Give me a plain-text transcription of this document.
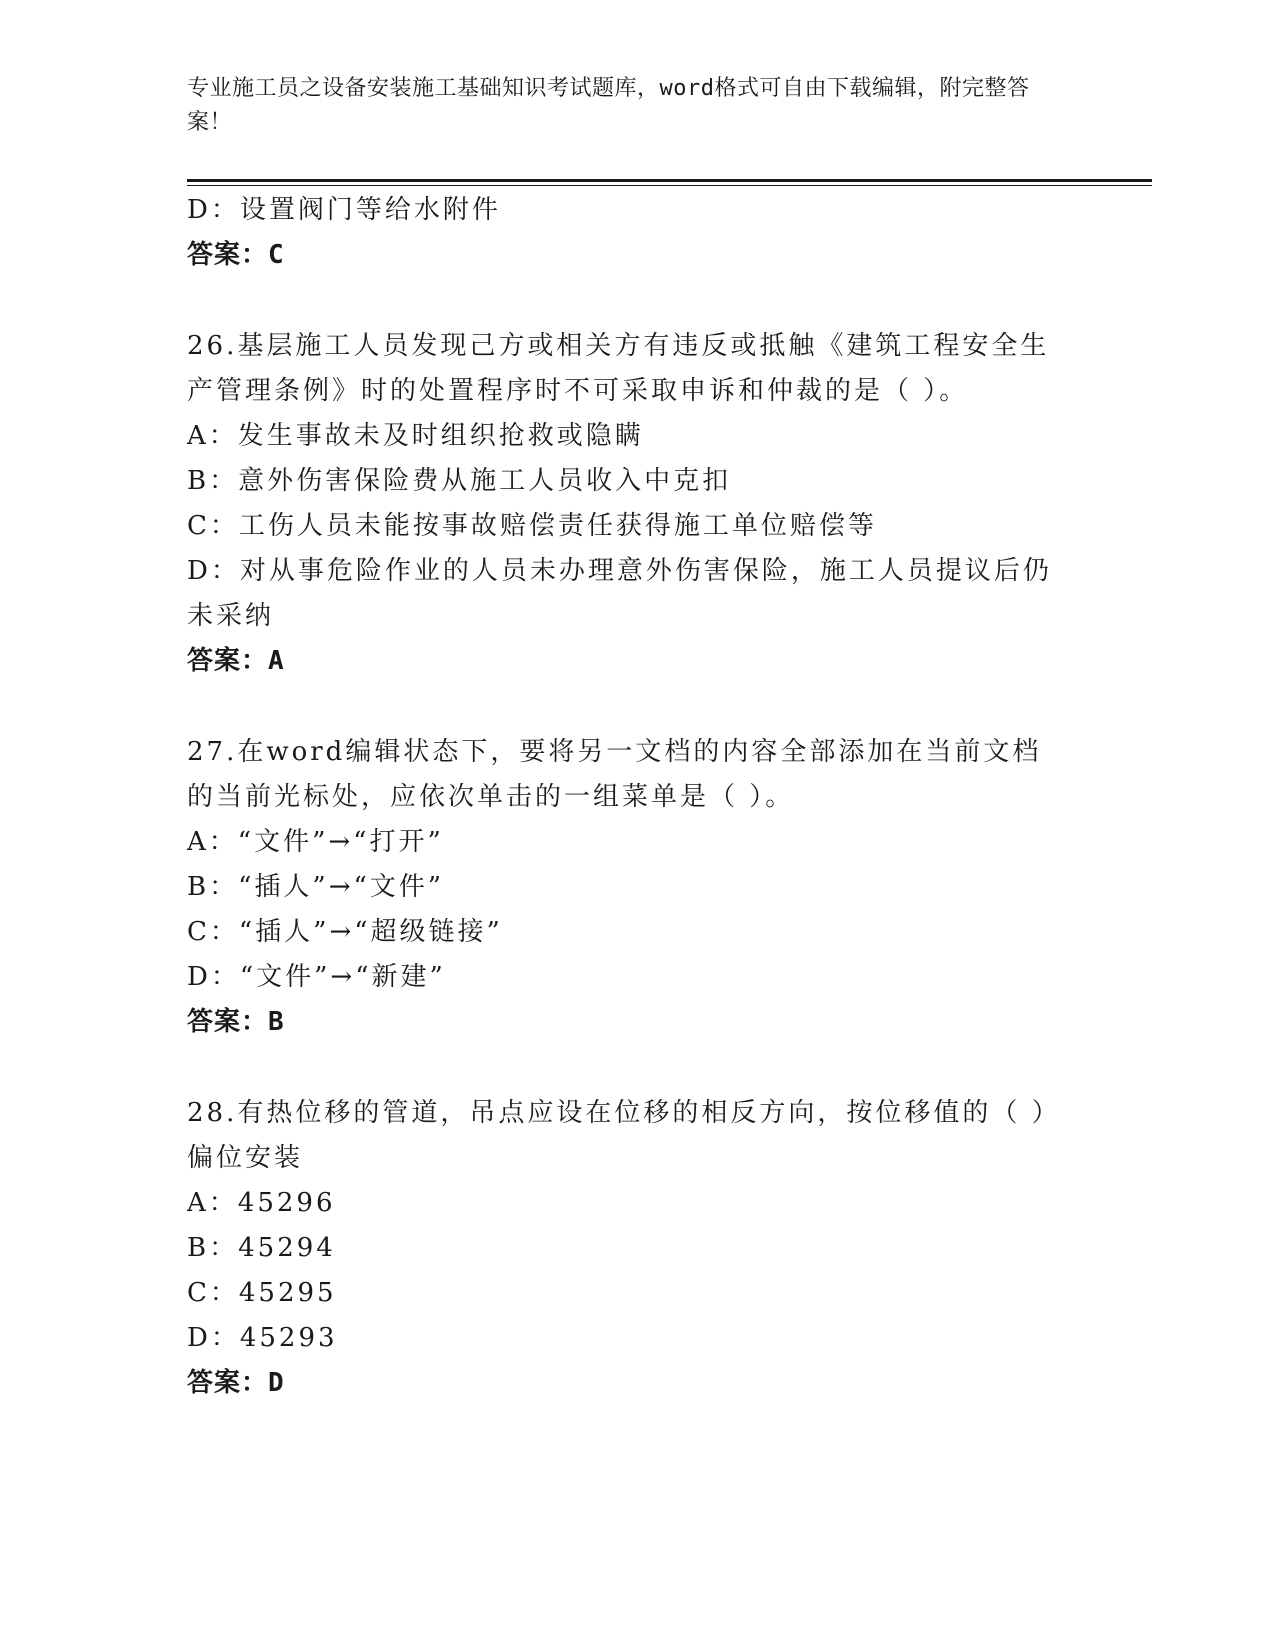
专业施工员之设备安装施工基础知识考试题库，word格式可自由下载编辑，附完整答案！
D：设置阀门等给水附件
答案：C
26.基层施工人员发现己方或相关方有违反或抵触《建筑工程安全生产管理条例》时的处置程序时不可采取申诉和仲裁的是（ ）。
A：发生事故未及时组织抢救或隐瞒
B：意外伤害保险费从施工人员收入中克扣
C：工伤人员未能按事故赔偿责任获得施工单位赔偿等
D：对从事危险作业的人员未办理意外伤害保险，施工人员提议后仍未采纳
答案：A
27.在word编辑状态下，要将另一文档的内容全部添加在当前文档的当前光标处，应依次单击的一组菜单是（ ）。
A：“文件”→“打开”
B：“插人”→“文件”
C：“插人”→“超级链接”
D：“文件”→“新建”
答案：B
28.有热位移的管道，吊点应设在位移的相反方向，按位移值的（ ）偏位安装
A：45296
B：45294
C：45295
D：45293
答案：D
